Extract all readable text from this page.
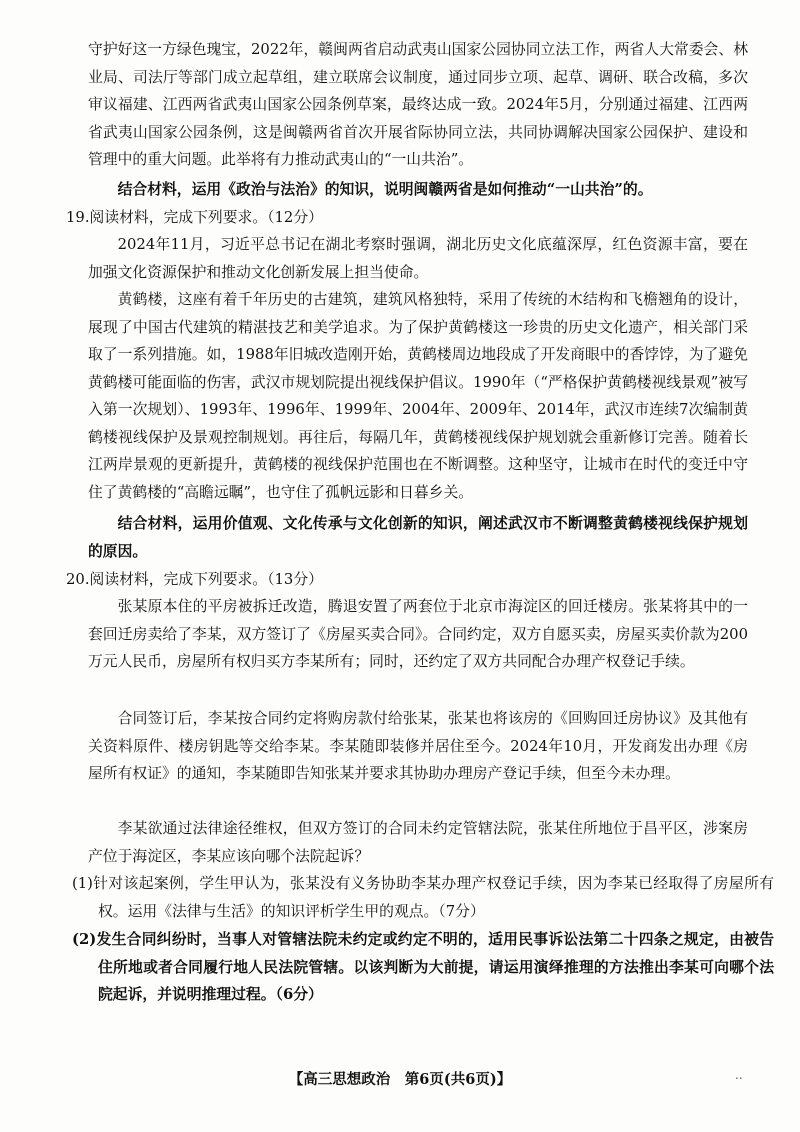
守护好这一方绿色瑰宝，2022年，赣闽两省启动武夷山国家公园协同立法工作，两省人大常委会、林业局、司法厅等部门成立起草组，建立联席会议制度，通过同步立项、起草、调研、联合改稿，多次审议福建、江西两省武夷山国家公园条例草案，最终达成一致。2024年5月，分别通过福建、江西两省武夷山国家公园条例，这是闽赣两省首次开展省际协同立法，共同协调解决国家公园保护、建设和管理中的重大问题。此举将有力推动武夷山的“一山共治”。

结合材料，运用《政治与法治》的知识，说明闽赣两省是如何推动“一山共治”的。

19.阅读材料，完成下列要求。（12分）

2024年11月，习近平总书记在湖北考察时强调，湖北历史文化底蕴深厚，红色资源丰富，要在加强文化资源保护和推动文化创新发展上担当使命。

黄鹤楼，这座有着千年历史的古建筑，建筑风格独特，采用了传统的木结构和飞檐翘角的设计，展现了中国古代建筑的精湛技艺和美学追求。为了保护黄鹤楼这一珍贵的历史文化遗产，相关部门采取了一系列措施。如，1988年旧城改造刚开始，黄鹤楼周边地段成了开发商眼中的香饽饽，为了避免黄鹤楼可能面临的伤害，武汉市规划院提出视线保护倡议。1990年（“严格保护黄鹤楼视线景观”被写入第一次规划）、1993年、1996年、1999年、2004年、2009年、2014年，武汉市连续7次编制黄鹤楼视线保护及景观控制规划。再往后，每隔几年，黄鹤楼视线保护规划就会重新修订完善。随着长江两岸景观的更新提升，黄鹤楼的视线保护范围也在不断调整。这种坚守，让城市在时代的变迁中守住了黄鹤楼的“高瞻远瞩”，也守住了孤帆远影和日暮乡关。

结合材料，运用价值观、文化传承与文化创新的知识，阐述武汉市不断调整黄鹤楼视线保护规划的原因。

20.阅读材料，完成下列要求。（13分）

张某原本住的平房被拆迁改造，腾退安置了两套位于北京市海淀区的回迁楼房。张某将其中的一套回迁房卖给了李某，双方签订了《房屋买卖合同》。合同约定，双方自愿买卖，房屋买卖价款为200万元人民币，房屋所有权归买方李某所有；同时，还约定了双方共同配合办理产权登记手续。

合同签订后，李某按合同约定将购房款付给张某，张某也将该房的《回购回迁房协议》及其他有关资料原件、楼房钥匙等交给李某。李某随即装修并居住至今。2024年10月，开发商发出办理《房屋所有权证》的通知，李某随即告知张某并要求其协助办理房产登记手续，但至今未办理。

李某欲通过法律途径维权，但双方签订的合同未约定管辖法院，张某住所地位于昌平区，涉案房产位于海淀区，李某应该向哪个法院起诉？

(1)针对该起案例，学生甲认为，张某没有义务协助李某办理产权登记手续，因为李某已经取得了房屋所有权。运用《法律与生活》的知识评析学生甲的观点。（7分）

(2)发生合同纠纷时，当事人对管辖法院未约定或约定不明的，适用民事诉讼法第二十四条之规定，由被告住所地或者合同履行地人民法院管辖。以该判断为大前提，请运用演绎推理的方法推出李某可向哪个法院起诉，并说明推理过程。（6分）

【高三思想政治　第6页(共6页)】	..
